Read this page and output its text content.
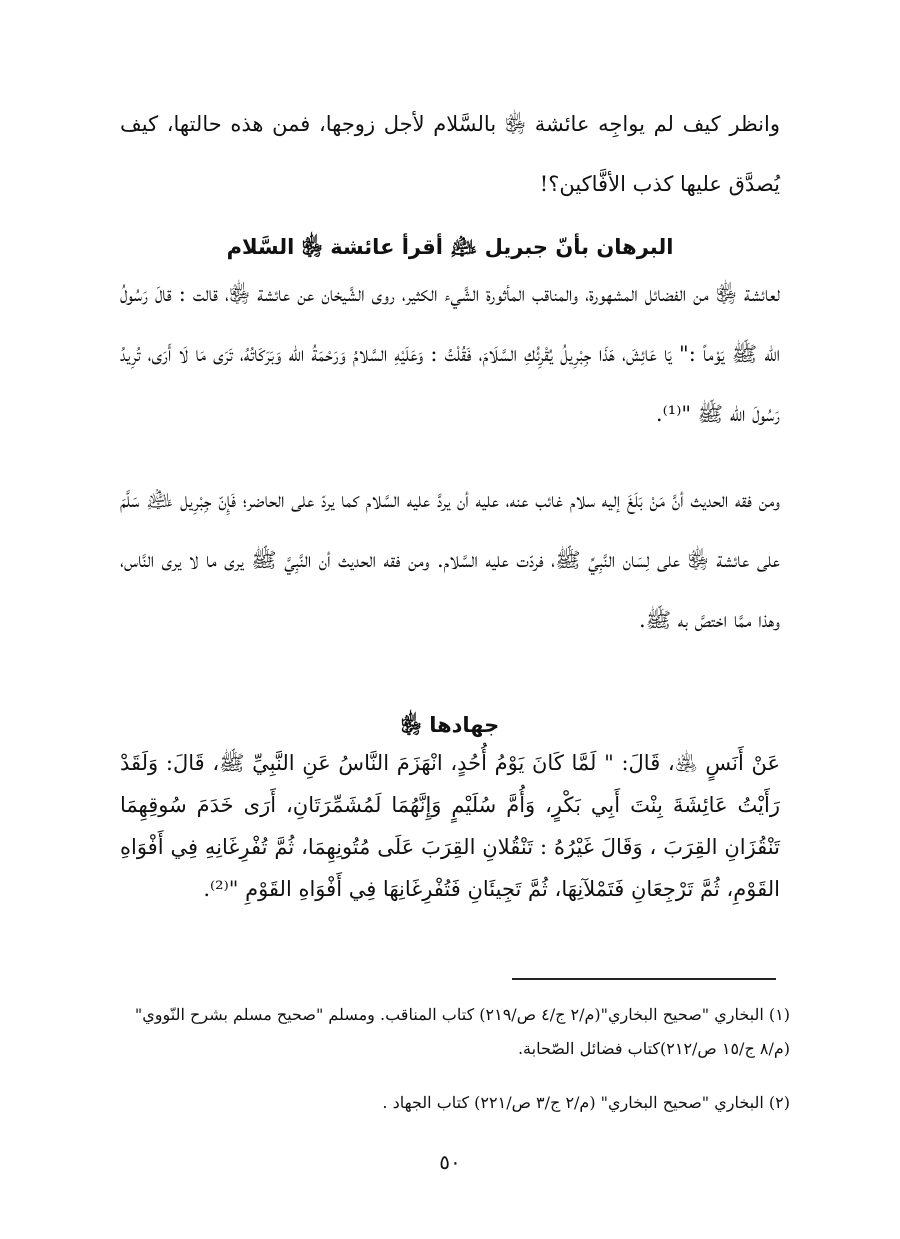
وانظر كيف لم يواجِه عائشة ﵂ بالسَّلام لأجل زوجها، فمن هذه حالتها، كيف يُصدَّق عليها كذب الأفَّاكين؟!

البرهان بأنّ جبريل ﵇ أقرأ عائشة ﵂ السَّلام

لعائشة ﵂ من الفضائل المشهورة، والمناقب المأثورة الشَّيء الكثير، روى الشَّيخان عن عائشة ﵂، قالت : قالَ رَسُولُ الله ﷺ يَوْماً :" يَا عَائِشَ، هَذَا جِبْرِيلُ يُقْرِئُكِ السَّلَامَ، فَقُلْتُ : وَعَلَيْهِ السَّلامُ وَرَحْمَةُ الله وَبَرَكَاتُهُ، تَرَى مَا لَا أَرَى، تُرِيدُ رَسُولَ الله ﷺ "⁽¹⁾.

ومن فقه الحديث أنَّ مَنْ بَلَغَ إليه سلام غائب عنه، عليه أن يردَّ عليه السَّلام كما يردّ على الحاضر؛ فَإِنّ جِبْرِيل ﵇ سَلَّمَ على عائشة ﵂ على لِسَان النَّبِيِّ ﷺ، فردّت عليه السَّلام. ومن فقه الحديث أن النَّبِيَّ ﷺ يرى ما لا يرى النَّاس، وهذا ممَّا اختصَّ به ﷺ.

جهادها ﵂

عَنْ أَنَسٍ ﵁، قَالَ: " لَمَّا كَانَ يَوْمُ أُحُدٍ، انْهَزَمَ النَّاسُ عَنِ النَّبِيِّ ﷺ، قَالَ: وَلَقَدْ رَأَيْتُ عَائِشَةَ بِنْتَ أَبِي بَكْرٍ، وَأُمَّ سُلَيْمٍ وَإِنَّهُمَا لَمُشَمِّرَتَانِ، أَرَى خَدَمَ سُوقِهِمَا تَنْقُزَانِ القِرَبَ ، وَقَالَ غَيْرُهُ : تَنْقُلانِ القِرَبَ عَلَى مُتُونِهِمَا، ثُمَّ تُفْرِغَانِهِ فِي أَفْوَاهِ القَوْمِ، ثُمَّ تَرْجِعَانِ فَتَمْلآنِهَا، ثُمَّ تَجِيئَانِ فَتُفْرِغَانِهَا فِي أَفْوَاهِ القَوْمِ "⁽²⁾.

(١) البخاري "صحيح البخاري"(م/٢ ج/٤ ص/٢١٩) كتاب المناقب. ومسلم "صحيح مسلم بشرح النّووي" (م/٨ ج/١٥ ص/٢١٢)كتاب فضائل الصّحابة.

(٢) البخاري "صحيح البخاري" (م/٢ ج/٣ ص/٢٢١) كتاب الجهاد .

٥٠
